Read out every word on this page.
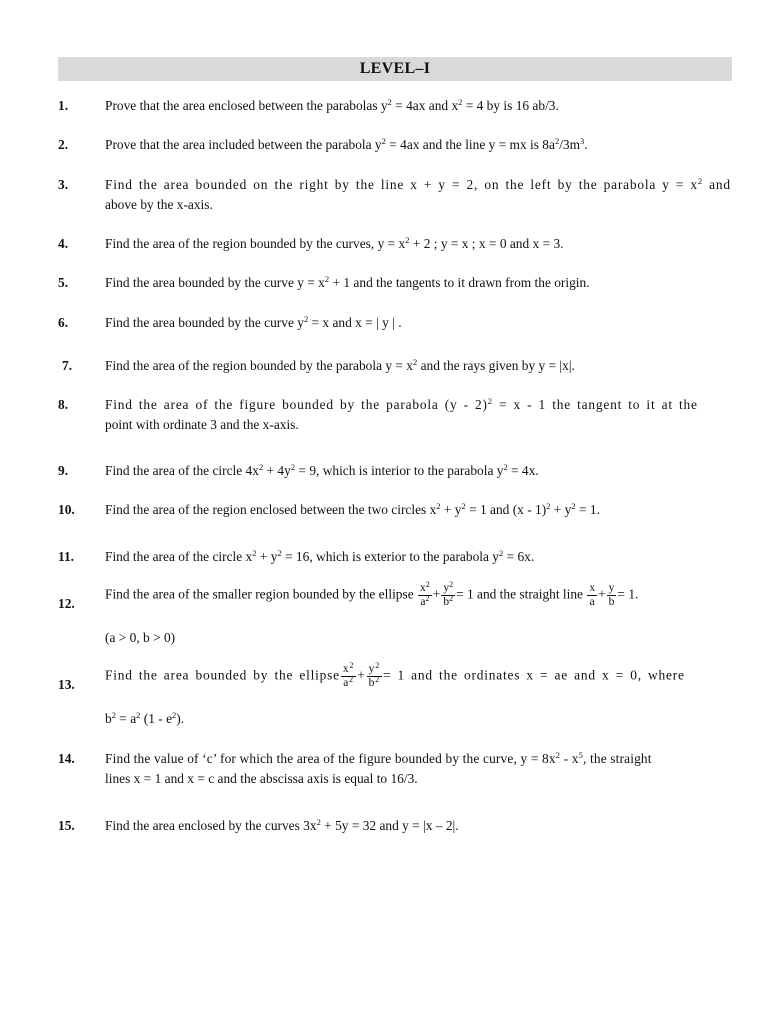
LEVEL–I
1.	Prove that the area enclosed between the parabolas $y^2 = 4ax$ and $x^2 = 4$ by is 16 ab/3.
2.	Prove that the area included between the parabola $y^2 = 4ax$ and the line y = mx is $8a^2/3m^3$.
3.	Find the area bounded on the right by the line x + y = 2, on the left by the parabola $y = x^2$ and
above by the x-axis.
4.	Find the area of the region bounded by the curves, $y = x^2 + 2$ ; y = x ; x = 0 and x = 3.
5.	Find the area bounded by the curve $y = x^2 + 1$ and the tangents to it drawn from the origin.
6.	Find the area bounded by the curve $y^2 = x$ and x = | y | .
7.	Find the area of the region bounded by the parabola $y = x^2$ and the rays given by y = |x|.
8.	Find the area of the figure bounded by the parabola (y - 2)$^2$ = x - 1 the tangent to it at the
point with ordinate 3 and the x-axis.
9.	Find the area of the circle $4x^2 + 4y^2 = 9$, which is interior to the parabola $y^2 = 4x$.
10.	Find the area of the region enclosed between the two circles $x^2 + y^2 = 1$ and $(x - 1)^2 + y^2 = 1$.
11.	Find the area of the circle $x^2 + y^2 = 16$, which is exterior to the parabola $y^2 = 6x$.
12.
Find the area of the smaller region bounded by the ellipse $\frac{x^2}{a^2} + \frac{y^2}{b^2} = 1$ and the straight line $\frac{x}{a} + \frac{y}{b} = 1$.
(a > 0, b > 0)
13.
Find the area bounded by the ellipse $\frac{x^2}{a^2} + \frac{y^2}{b^2} = 1$ and the ordinates x = ae and x = 0, where
$b^2 = a^2$ $(1 - e^2)$.
14.	Find the value of ‘c’ for which the area of the figure bounded by the curve, $y = 8x^2 - x^5$, the straight
lines x = 1 and x = c and the abscissa axis is equal to 16/3.
15.	Find the area enclosed by the curves $3x^2 + 5y = 32$ and y = |x – 2|.
